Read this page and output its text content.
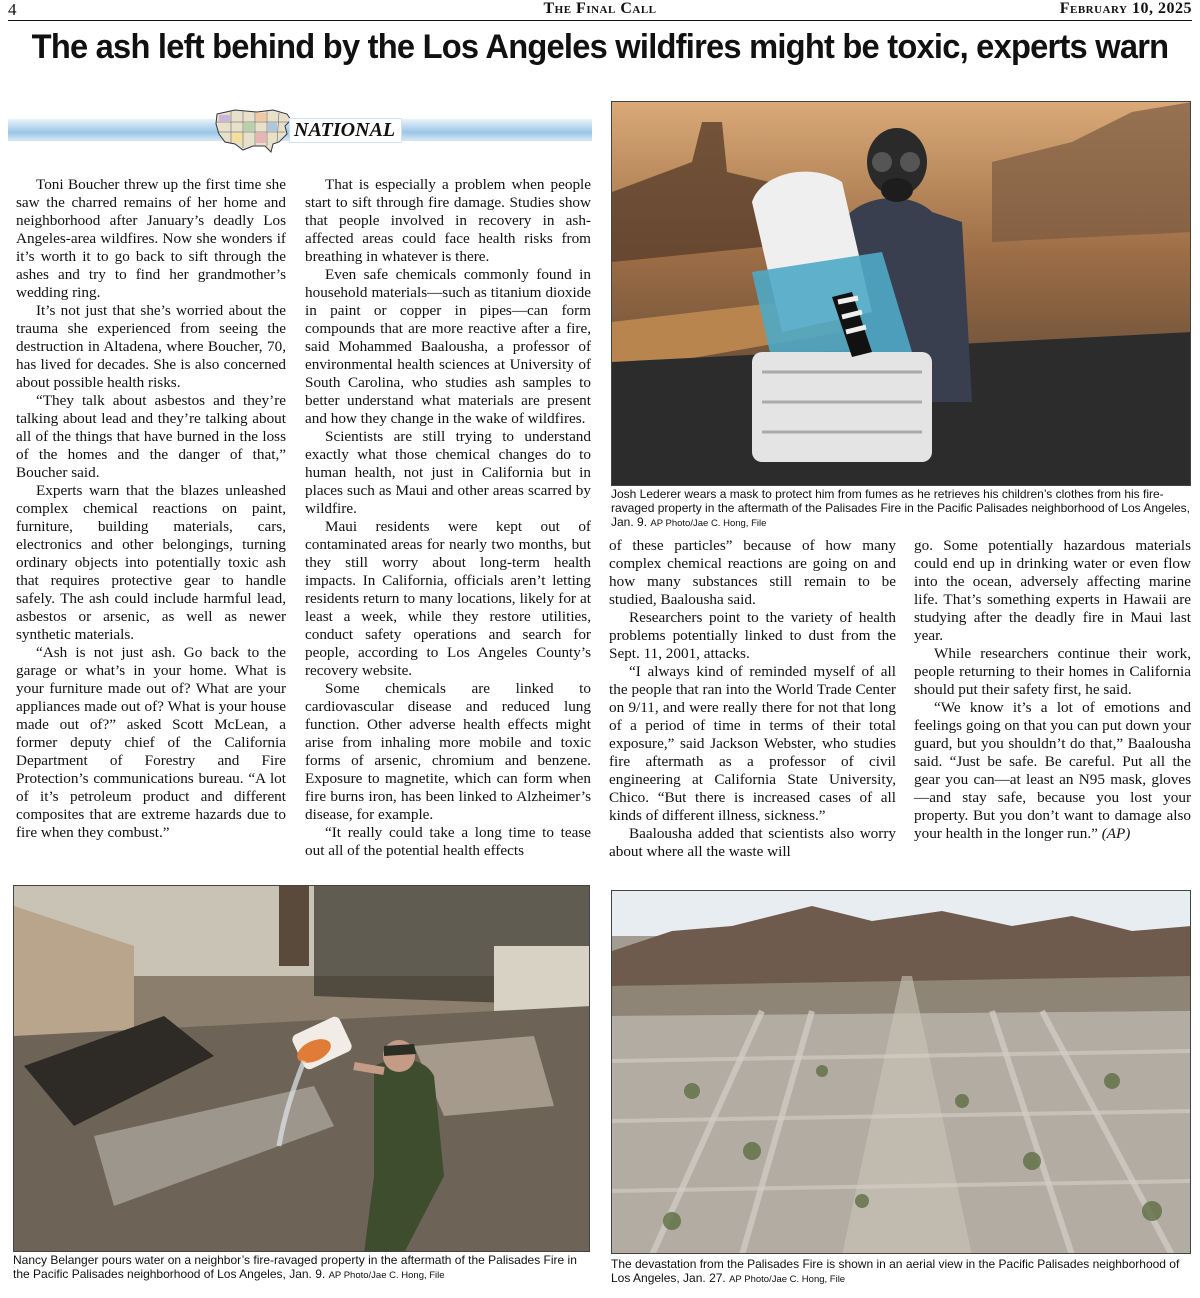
4	The Final Call	February 10, 2025
The ash left behind by the Los Angeles wildfires might be toxic, experts warn
NATIONAL

Toni Boucher threw up the first time she saw the charred remains of her home and neighborhood after January’s deadly Los Angeles-area wildfires. Now she wonders if it’s worth it to go back to sift through the ashes and try to find her grandmother’s wedding ring.

It’s not just that she’s worried about the trauma she experienced from seeing the destruction in Altadena, where Boucher, 70, has lived for decades. She is also concerned about possible health risks.

“They talk about asbestos and they’re talking about lead and they’re talking about all of the things that have burned in the loss of the homes and the danger of that,” Boucher said.

Experts warn that the blazes unleashed complex chemical reactions on paint, furniture, building materials, cars, electronics and other belongings, turning ordinary objects into potentially toxic ash that requires protective gear to handle safely. The ash could include harmful lead, asbestos or arsenic, as well as newer synthetic materials.

“Ash is not just ash. Go back to the garage or what’s in your home. What is your furniture made out of? What are your appliances made out of? What is your house made out of?” asked Scott McLean, a former deputy chief of the California Department of Forestry and Fire Protection’s communications bureau. “A lot of it’s petroleum product and different composites that are extreme hazards due to fire when they combust.”

That is especially a problem when people start to sift through fire damage. Studies show that people involved in recovery in ash-affected areas could face health risks from breathing in whatever is there.

Even safe chemicals commonly found in household materials—such as titanium dioxide in paint or copper in pipes—can form compounds that are more reactive after a fire, said Mohammed Baalousha, a professor of environmental health sciences at University of South Carolina, who studies ash samples to better understand what materials are present and how they change in the wake of wildfires.

Scientists are still trying to understand exactly what those chemical changes do to human health, not just in California but in places such as Maui and other areas scarred by wildfire.

Maui residents were kept out of contaminated areas for nearly two months, but they still worry about long-term health impacts. In California, officials aren’t letting residents return to many locations, likely for at least a week, while they restore utilities, conduct safety operations and search for people, according to Los Angeles County’s recovery website.

Some chemicals are linked to cardiovascular disease and reduced lung function. Other adverse health effects might arise from inhaling more mobile and toxic forms of arsenic, chromium and benzene. Exposure to magnetite, which can form when fire burns iron, has been linked to Alzheimer’s disease, for example.

“It really could take a long time to tease out all of the potential health effects

of these particles” because of how many complex chemical reactions are going on and how many substances still remain to be studied, Baalousha said.

Researchers point to the variety of health problems potentially linked to dust from the Sept. 11, 2001, attacks.

“I always kind of reminded myself of all the people that ran into the World Trade Center on 9/11, and were really there for not that long of a period of time in terms of their total exposure,” said Jackson Webster, who studies fire aftermath as a professor of civil engineering at California State University, Chico. “But there is increased cases of all kinds of different illness, sickness.”

Baalousha added that scientists also worry about where all the waste will

go. Some potentially hazardous materials could end up in drinking water or even flow into the ocean, adversely affecting marine life. That’s something experts in Hawaii are studying after the deadly fire in Maui last year.

While researchers continue their work, people returning to their homes in California should put their safety first, he said.

“We know it’s a lot of emotions and feelings going on that you can put down your guard, but you shouldn’t do that,” Baalousha said. “Just be safe. Be careful. Put all the gear you can—at least an N95 mask, gloves—and stay safe, because you lost your property. But you don’t want to damage also your health in the longer run.” (AP)

Josh Lederer wears a mask to protect him from fumes as he retrieves his children’s clothes from his fire-ravaged property in the aftermath of the Palisades Fire in the Pacific Palisades neighborhood of Los Angeles, Jan. 9. AP Photo/Jae C. Hong, File
Nancy Belanger pours water on a neighbor’s fire-ravaged property in the aftermath of the Palisades Fire in the Pacific Palisades neighborhood of Los Angeles, Jan. 9. AP Photo/Jae C. Hong, File
The devastation from the Palisades Fire is shown in an aerial view in the Pacific Palisades neighborhood of Los Angeles, Jan. 27. AP Photo/Jae C. Hong, File
